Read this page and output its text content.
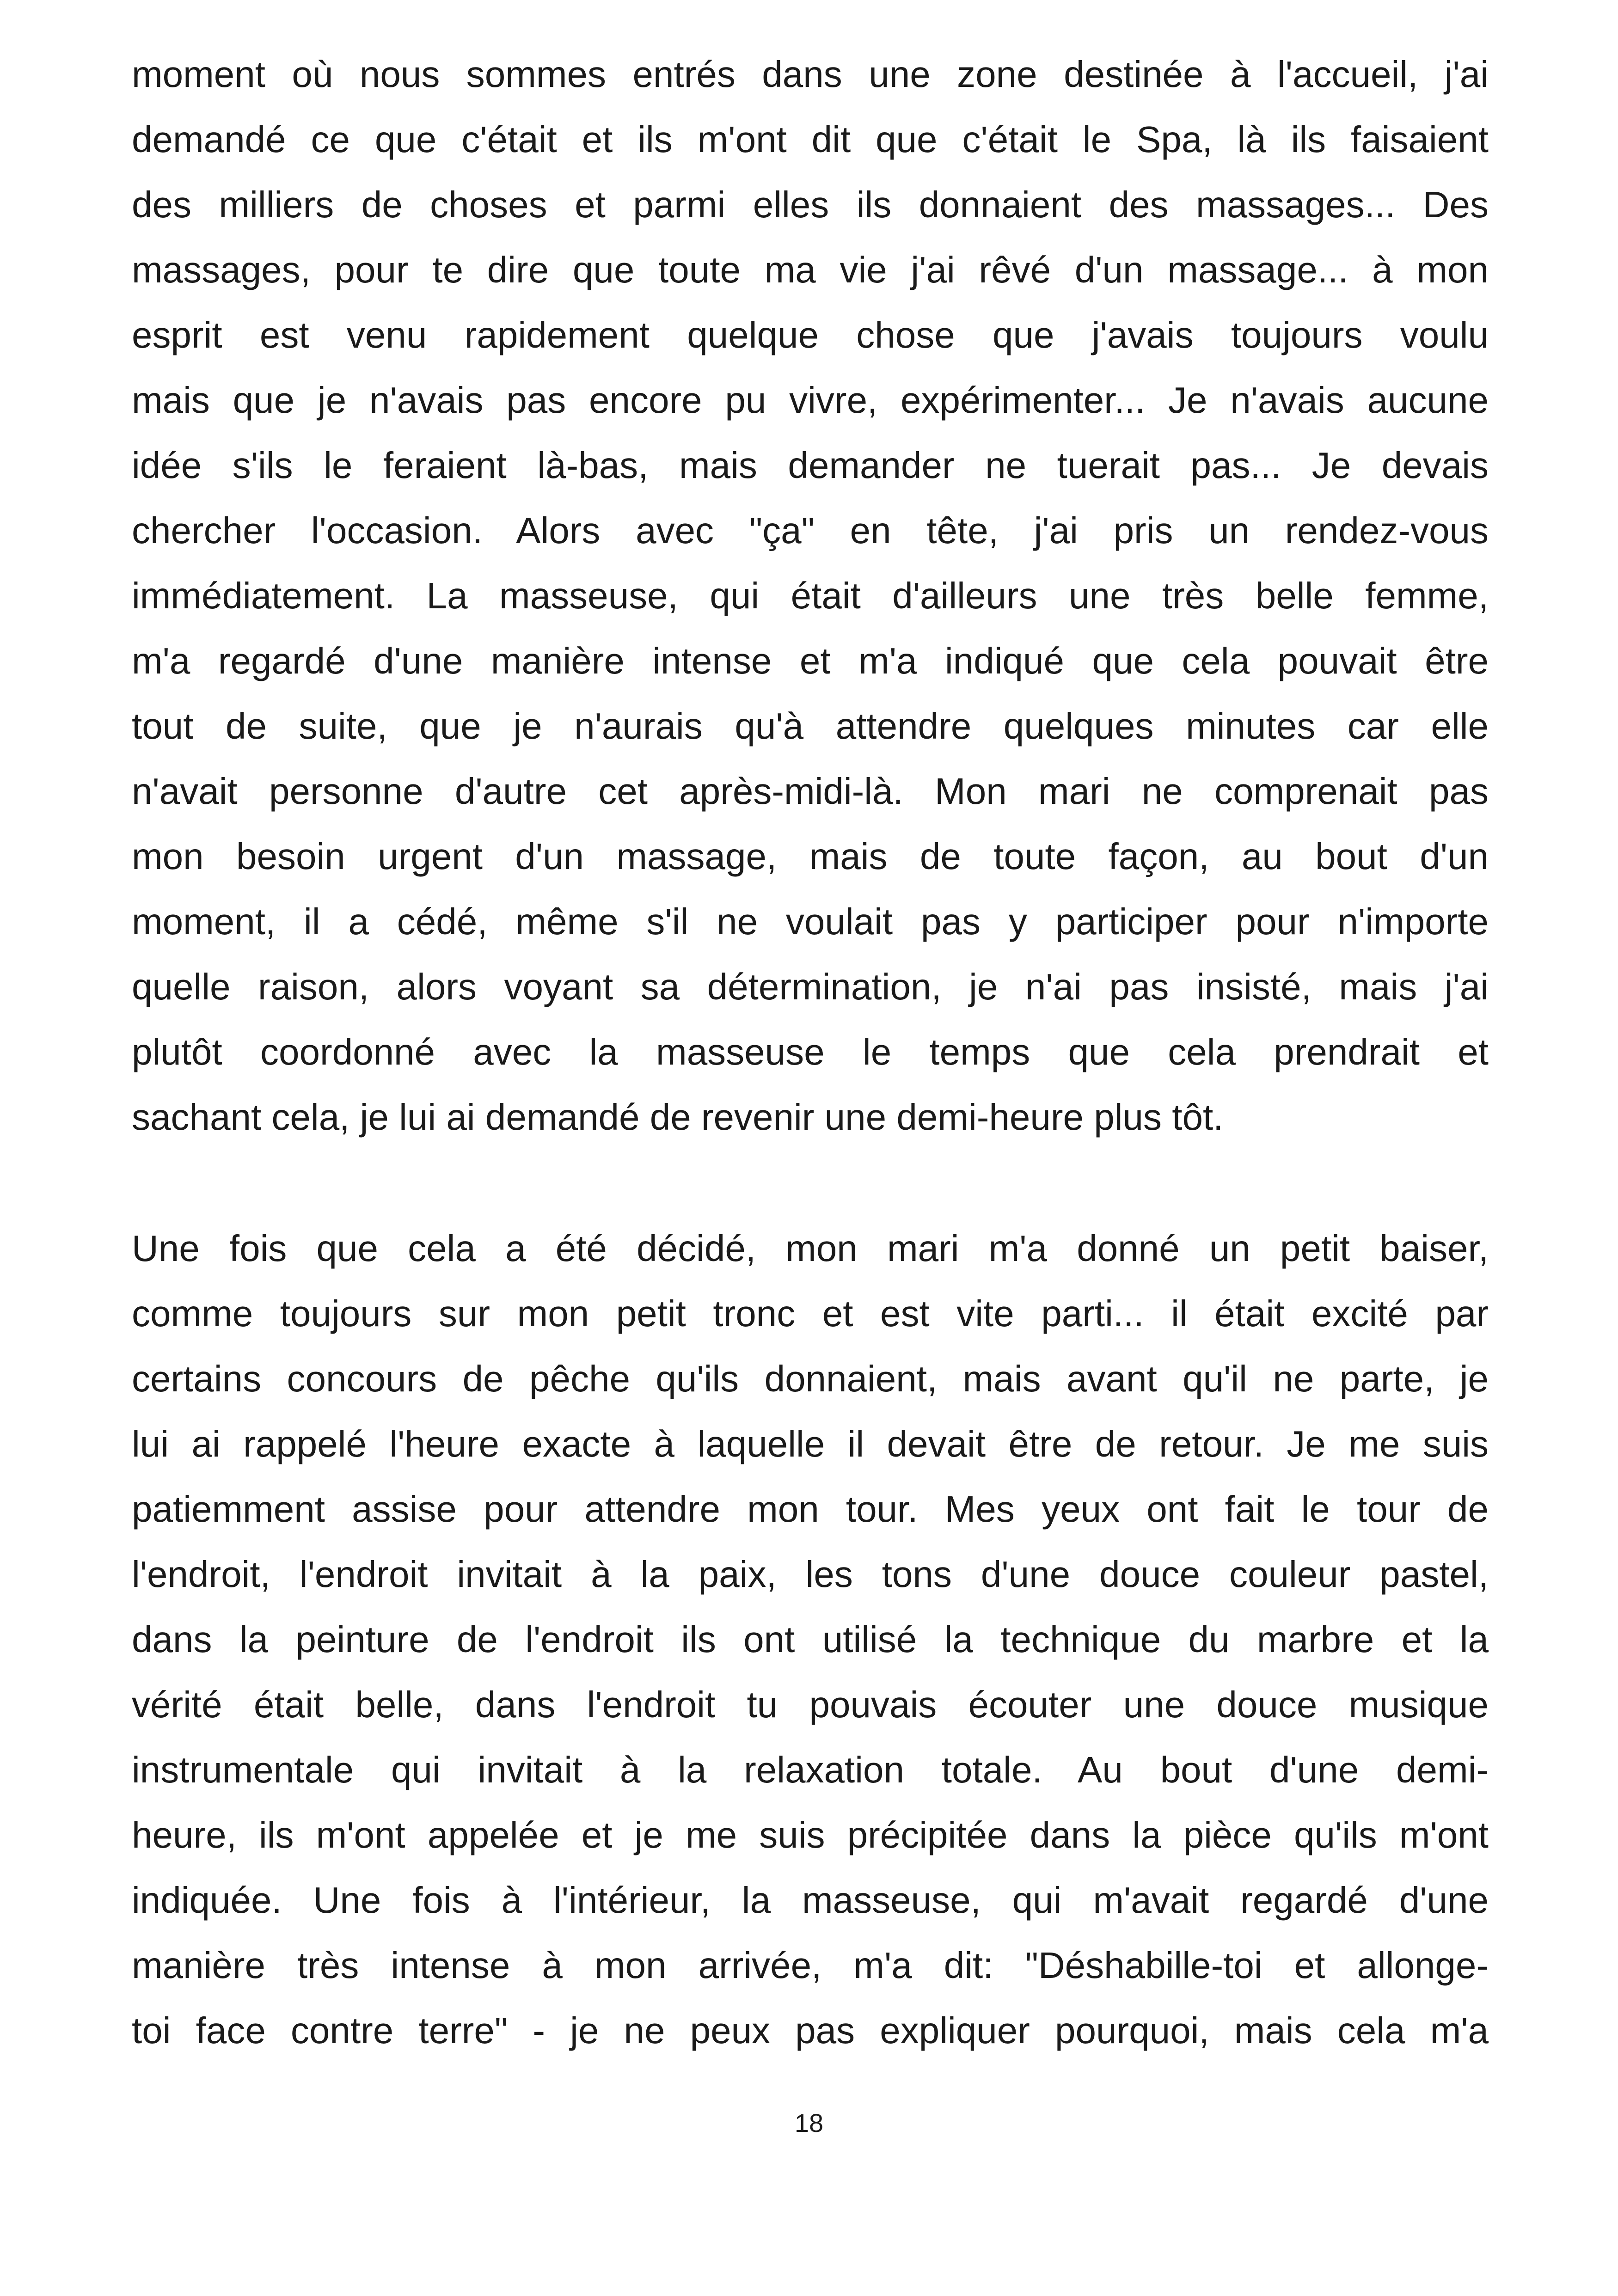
moment où nous sommes entrés dans une zone destinée à l'accueil, j'ai
demandé ce que c'était et ils m'ont dit que c'était le Spa, là ils faisaient
des milliers de choses et parmi elles ils donnaient des massages... Des
massages, pour te dire que toute ma vie j'ai rêvé d'un massage... à mon
esprit est venu rapidement quelque chose que j'avais toujours voulu
mais que je n'avais pas encore pu vivre, expérimenter... Je n'avais aucune
idée s'ils le feraient là-bas, mais demander ne tuerait pas... Je devais
chercher l'occasion. Alors avec "ça" en tête, j'ai pris un rendez-vous
immédiatement. La masseuse, qui était d'ailleurs une très belle femme,
m'a regardé d'une manière intense et m'a indiqué que cela pouvait être
tout de suite, que je n'aurais qu'à attendre quelques minutes car elle
n'avait personne d'autre cet après-midi-là. Mon mari ne comprenait pas
mon besoin urgent d'un massage, mais de toute façon, au bout d'un
moment, il a cédé, même s'il ne voulait pas y participer pour n'importe
quelle raison, alors voyant sa détermination, je n'ai pas insisté, mais j'ai
plutôt coordonné avec la masseuse le temps que cela prendrait et
sachant cela, je lui ai demandé de revenir une demi-heure plus tôt.
Une fois que cela a été décidé, mon mari m'a donné un petit baiser,
comme toujours sur mon petit tronc et est vite parti... il était excité par
certains concours de pêche qu'ils donnaient, mais avant qu'il ne parte, je
lui ai rappelé l'heure exacte à laquelle il devait être de retour. Je me suis
patiemment assise pour attendre mon tour. Mes yeux ont fait le tour de
l'endroit, l'endroit invitait à la paix, les tons d'une douce couleur pastel,
dans la peinture de l'endroit ils ont utilisé la technique du marbre et la
vérité était belle, dans l'endroit tu pouvais écouter une douce musique
instrumentale qui invitait à la relaxation totale. Au bout d'une demi-
heure, ils m'ont appelée et je me suis précipitée dans la pièce qu'ils m'ont
indiquée. Une fois à l'intérieur, la masseuse, qui m'avait regardé d'une
manière très intense à mon arrivée, m'a dit: "Déshabille-toi et allonge-
toi face contre terre" - je ne peux pas expliquer pourquoi, mais cela m'a
18
